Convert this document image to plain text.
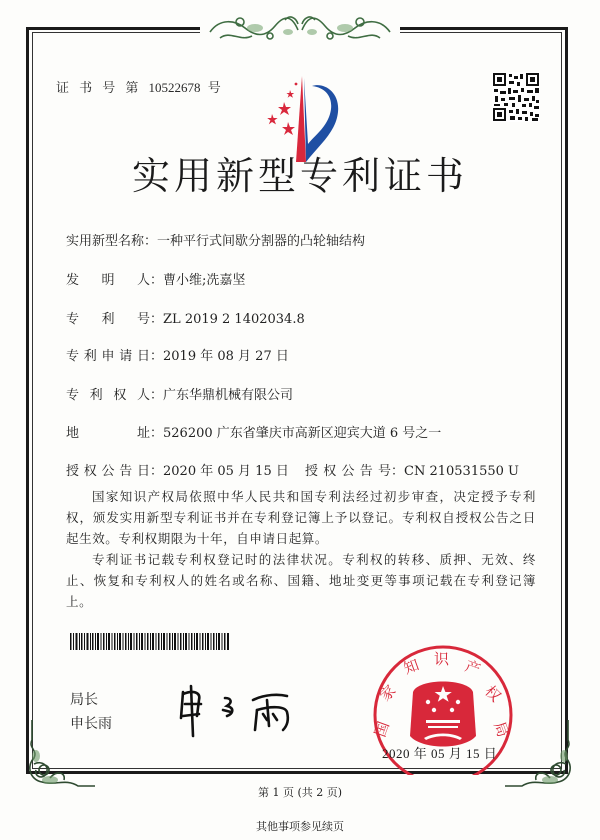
证 书 号 第 10522678 号
实用新型专利证书
实用新型名称：一种平行式间歇分割器的凸轮轴结构
发明人：曹小维;冼嘉坚
专利号：ZL 2019 2 1402034.8
专利申请日：2019 年 08 月 27 日
专利权人：广东华鼎机械有限公司
地址：526200 广东省肇庆市高新区迎宾大道 6 号之一
授权公告日：2020 年 05 月 15 日 授权公告号：CN 210531550 U
国家知识产权局依照中华人民共和国专利法经过初步审查，决定授予专利权，颁发实用新型专利证书并在专利登记簿上予以登记。专利权自授权公告之日起生效。专利权期限为十年，自申请日起算。
专利证书记载专利权登记时的法律状况。专利权的转移、质押、无效、终止、恢复和专利权人的姓名或名称、国籍、地址变更等事项记载在专利登记簿上。
局长
申长雨	国
家
知 识 产
权
局
2020 年 05 月 15 日
第 1 页 (共 2 页)
其他事项参见续页
